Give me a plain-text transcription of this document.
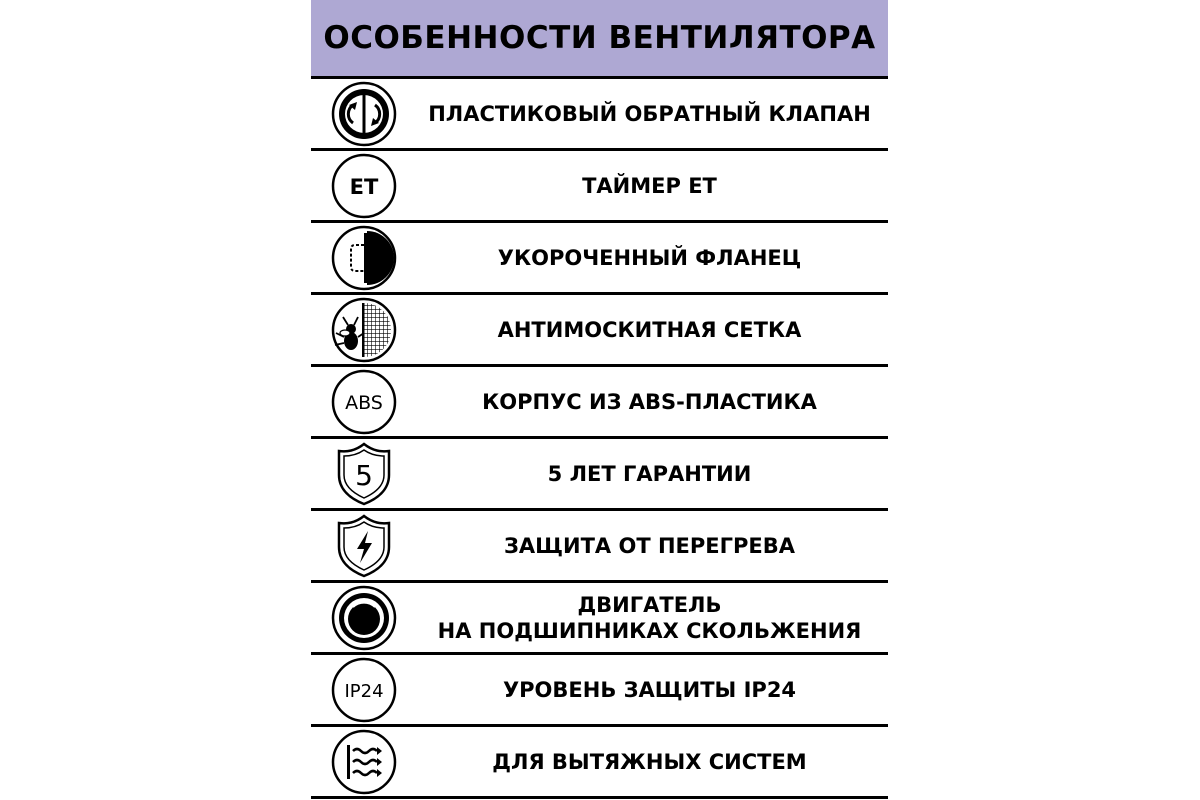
ОСОБЕННОСТИ ВЕНТИЛЯТОРА
ПЛАСТИКОВЫЙ ОБРАТНЫЙ КЛАПАН
ET	ТАЙМЕР ET
УКОРОЧЕННЫЙ ФЛАНЕЦ
АНТИМОСКИТНАЯ СЕТКА
ABS	КОРПУС ИЗ ABS-ПЛАСТИКА
5	5 ЛЕТ ГАРАНТИИ
ЗАЩИТА ОТ ПЕРЕГРЕВА
ДВИГАТЕЛЬ
НА ПОДШИПНИКАХ СКОЛЬЖЕНИЯ
IP24	УРОВЕНЬ ЗАЩИТЫ IP24
ДЛЯ ВЫТЯЖНЫХ СИСТЕМ
